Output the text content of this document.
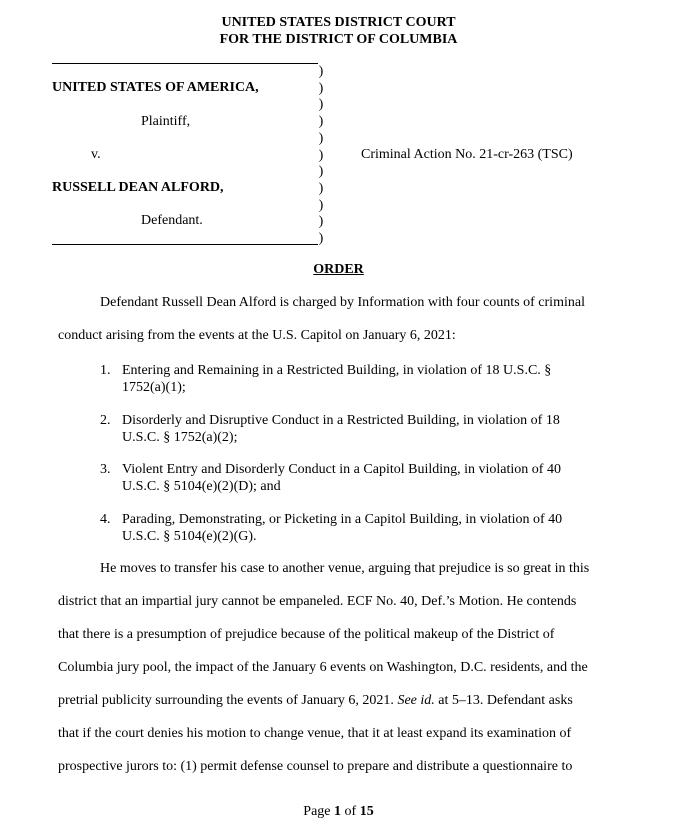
UNITED STATES DISTRICT COURT
FOR THE DISTRICT OF COLUMBIA
UNITED STATES OF AMERICA,
Plaintiff,
v.
RUSSELL DEAN ALFORD,
Defendant.
Criminal Action No. 21-cr-263 (TSC)
)
)
)
)
)
)
)
)
)
)
)
ORDER
Defendant Russell Dean Alford is charged by Information with four counts of criminal
conduct arising from the events at the U.S. Capitol on January 6, 2021:
1. Entering and Remaining in a Restricted Building, in violation of 18 U.S.C. §
1752(a)(1);
2. Disorderly and Disruptive Conduct in a Restricted Building, in violation of 18
U.S.C. § 1752(a)(2);
3. Violent Entry and Disorderly Conduct in a Capitol Building, in violation of 40
U.S.C. § 5104(e)(2)(D); and
4. Parading, Demonstrating, or Picketing in a Capitol Building, in violation of 40
U.S.C. § 5104(e)(2)(G).
He moves to transfer his case to another venue, arguing that prejudice is so great in this
district that an impartial jury cannot be empaneled. ECF No. 40, Def.’s Motion. He contends
that there is a presumption of prejudice because of the political makeup of the District of
Columbia jury pool, the impact of the January 6 events on Washington, D.C. residents, and the
pretrial publicity surrounding the events of January 6, 2021. See id. at 5–13. Defendant asks
that if the court denies his motion to change venue, that it at least expand its examination of
prospective jurors to: (1) permit defense counsel to prepare and distribute a questionnaire to
Page 1 of 15
